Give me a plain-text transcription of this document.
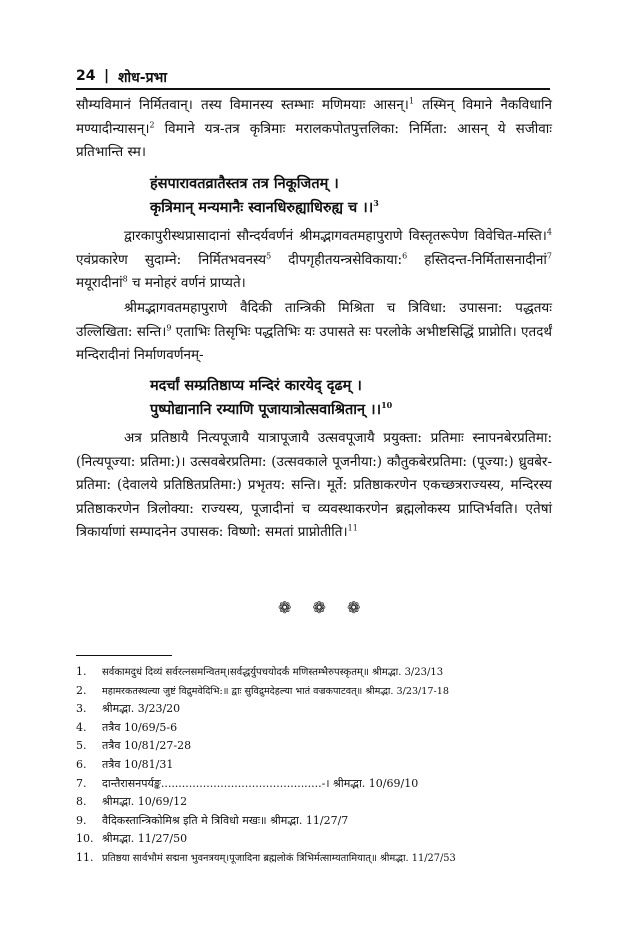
24 | शोध-प्रभा

सौम्यविमानं निर्मितवान्। तस्य विमानस्य स्तम्भाः मणिमयाः आसन्।$^1$ तस्मिन् विमाने नैकविधानि मण्यादीन्यासन्।$^2$ विमाने यत्र-तत्र कृत्रिमाः मरालकपोतपुत्तलिका: निर्मिता: आसन् ये सजीवाः प्रतिभान्ति स्म।

हंसपारावतव्रातैस्तत्र तत्र निकूजितम् ।
कृत्रिमान् मन्यमानैः स्वानधिरुह्याधिरुह्य च ।।$^3$

द्वारकापुरीस्थप्रासादानां सौन्दर्यवर्णनं श्रीमद्भागवतमहापुराणे विस्तृतरूपेण विवेचित-मस्ति।$^4$ एवंप्रकारेण सुदाम्ने: निर्मितभवनस्य$^5$ दीपगृहीतयन्त्रसेविकाया:$^6$ हस्तिदन्त-निर्मितासनादीनां$^7$ मयूरादीनां$^8$ च मनोहरं वर्णनं प्राप्यते।

श्रीमद्भागवतमहापुराणे वैदिकी तान्त्रिकी मिश्रिता च त्रिविधा: उपासना: पद्धतयः उल्लिखिता: सन्ति।$^9$ एताभिः तिसृभिः पद्धतिभिः यः उपासते सः परलोके अभीष्टसिद्धिं प्राप्नोति। एतदर्थं मन्दिरादीनां निर्माणवर्णनम्-

मदर्चां सम्प्रतिष्ठाप्य मन्दिरं कारयेद् दृढम् ।
पुष्पोद्यानानि रम्याणि पूजायात्रोत्सवाश्रितान् ।।$^{10}$

अत्र प्रतिष्ठायै नित्यपूजायै यात्रापूजायै उत्सवपूजायै प्रयुक्ता: प्रतिमाः स्नापनबेरप्रतिमा: (नित्यपूज्या: प्रतिमा:)। उत्सवबेरप्रतिमा: (उत्सवकाले पूजनीया:) कौतुकबेरप्रतिमा: (पूज्या:) ध्रुवबेर- प्रतिमा: (देवालये प्रतिष्ठितप्रतिमा:) प्रभृतय: सन्ति। मूर्ते: प्रतिष्ठाकरणेन एकच्छत्रराज्यस्य, मन्दिरस्य प्रतिष्ठाकरणेन त्रिलोक्या: राज्यस्य, पूजादीनां च व्यवस्थाकरणेन ब्रह्मलोकस्य प्राप्तिर्भवति। एतेषां त्रिकार्याणां सम्पादनेन उपासक: विष्णो: समतां प्राप्नोतीति।$^{11}$

❁ ❁ ❁
1. सर्वकामदुधं दिव्यं सर्वरत्नसमन्वितम्।सर्वद्धर्युपचयोदर्कं मणिस्तम्भैरुपस्कृतम्॥ श्रीमद्भा. 3/23/13
2. महामरकतस्थल्या जुष्टं विद्रुमवेदिभि:॥ द्वाः सुविद्रुमदेहल्या भातं वज्रकपाटवत्॥ श्रीमद्भा. 3/23/17-18
3. श्रीमद्भा. 3/23/20
4. तत्रैव 10/69/5-6
5. तत्रैव 10/81/27-28
6. तत्रैव 10/81/31
7. दान्तैरासनपर्यङ्क..............................................-। श्रीमद्भा. 10/69/10
8. श्रीमद्भा. 10/69/12
9. वैदिकस्तान्त्रिकोमिश्र इति मे त्रिविधो मखः॥ श्रीमद्भा. 11/27/7
10. श्रीमद्भा. 11/27/50
11. प्रतिष्ठया सार्वभौमं सद्मना भुवनत्रयम्।पूजादिना ब्रह्मलोकं त्रिभिर्मत्साम्यतामियात्॥ श्रीमद्भा. 11/27/53
